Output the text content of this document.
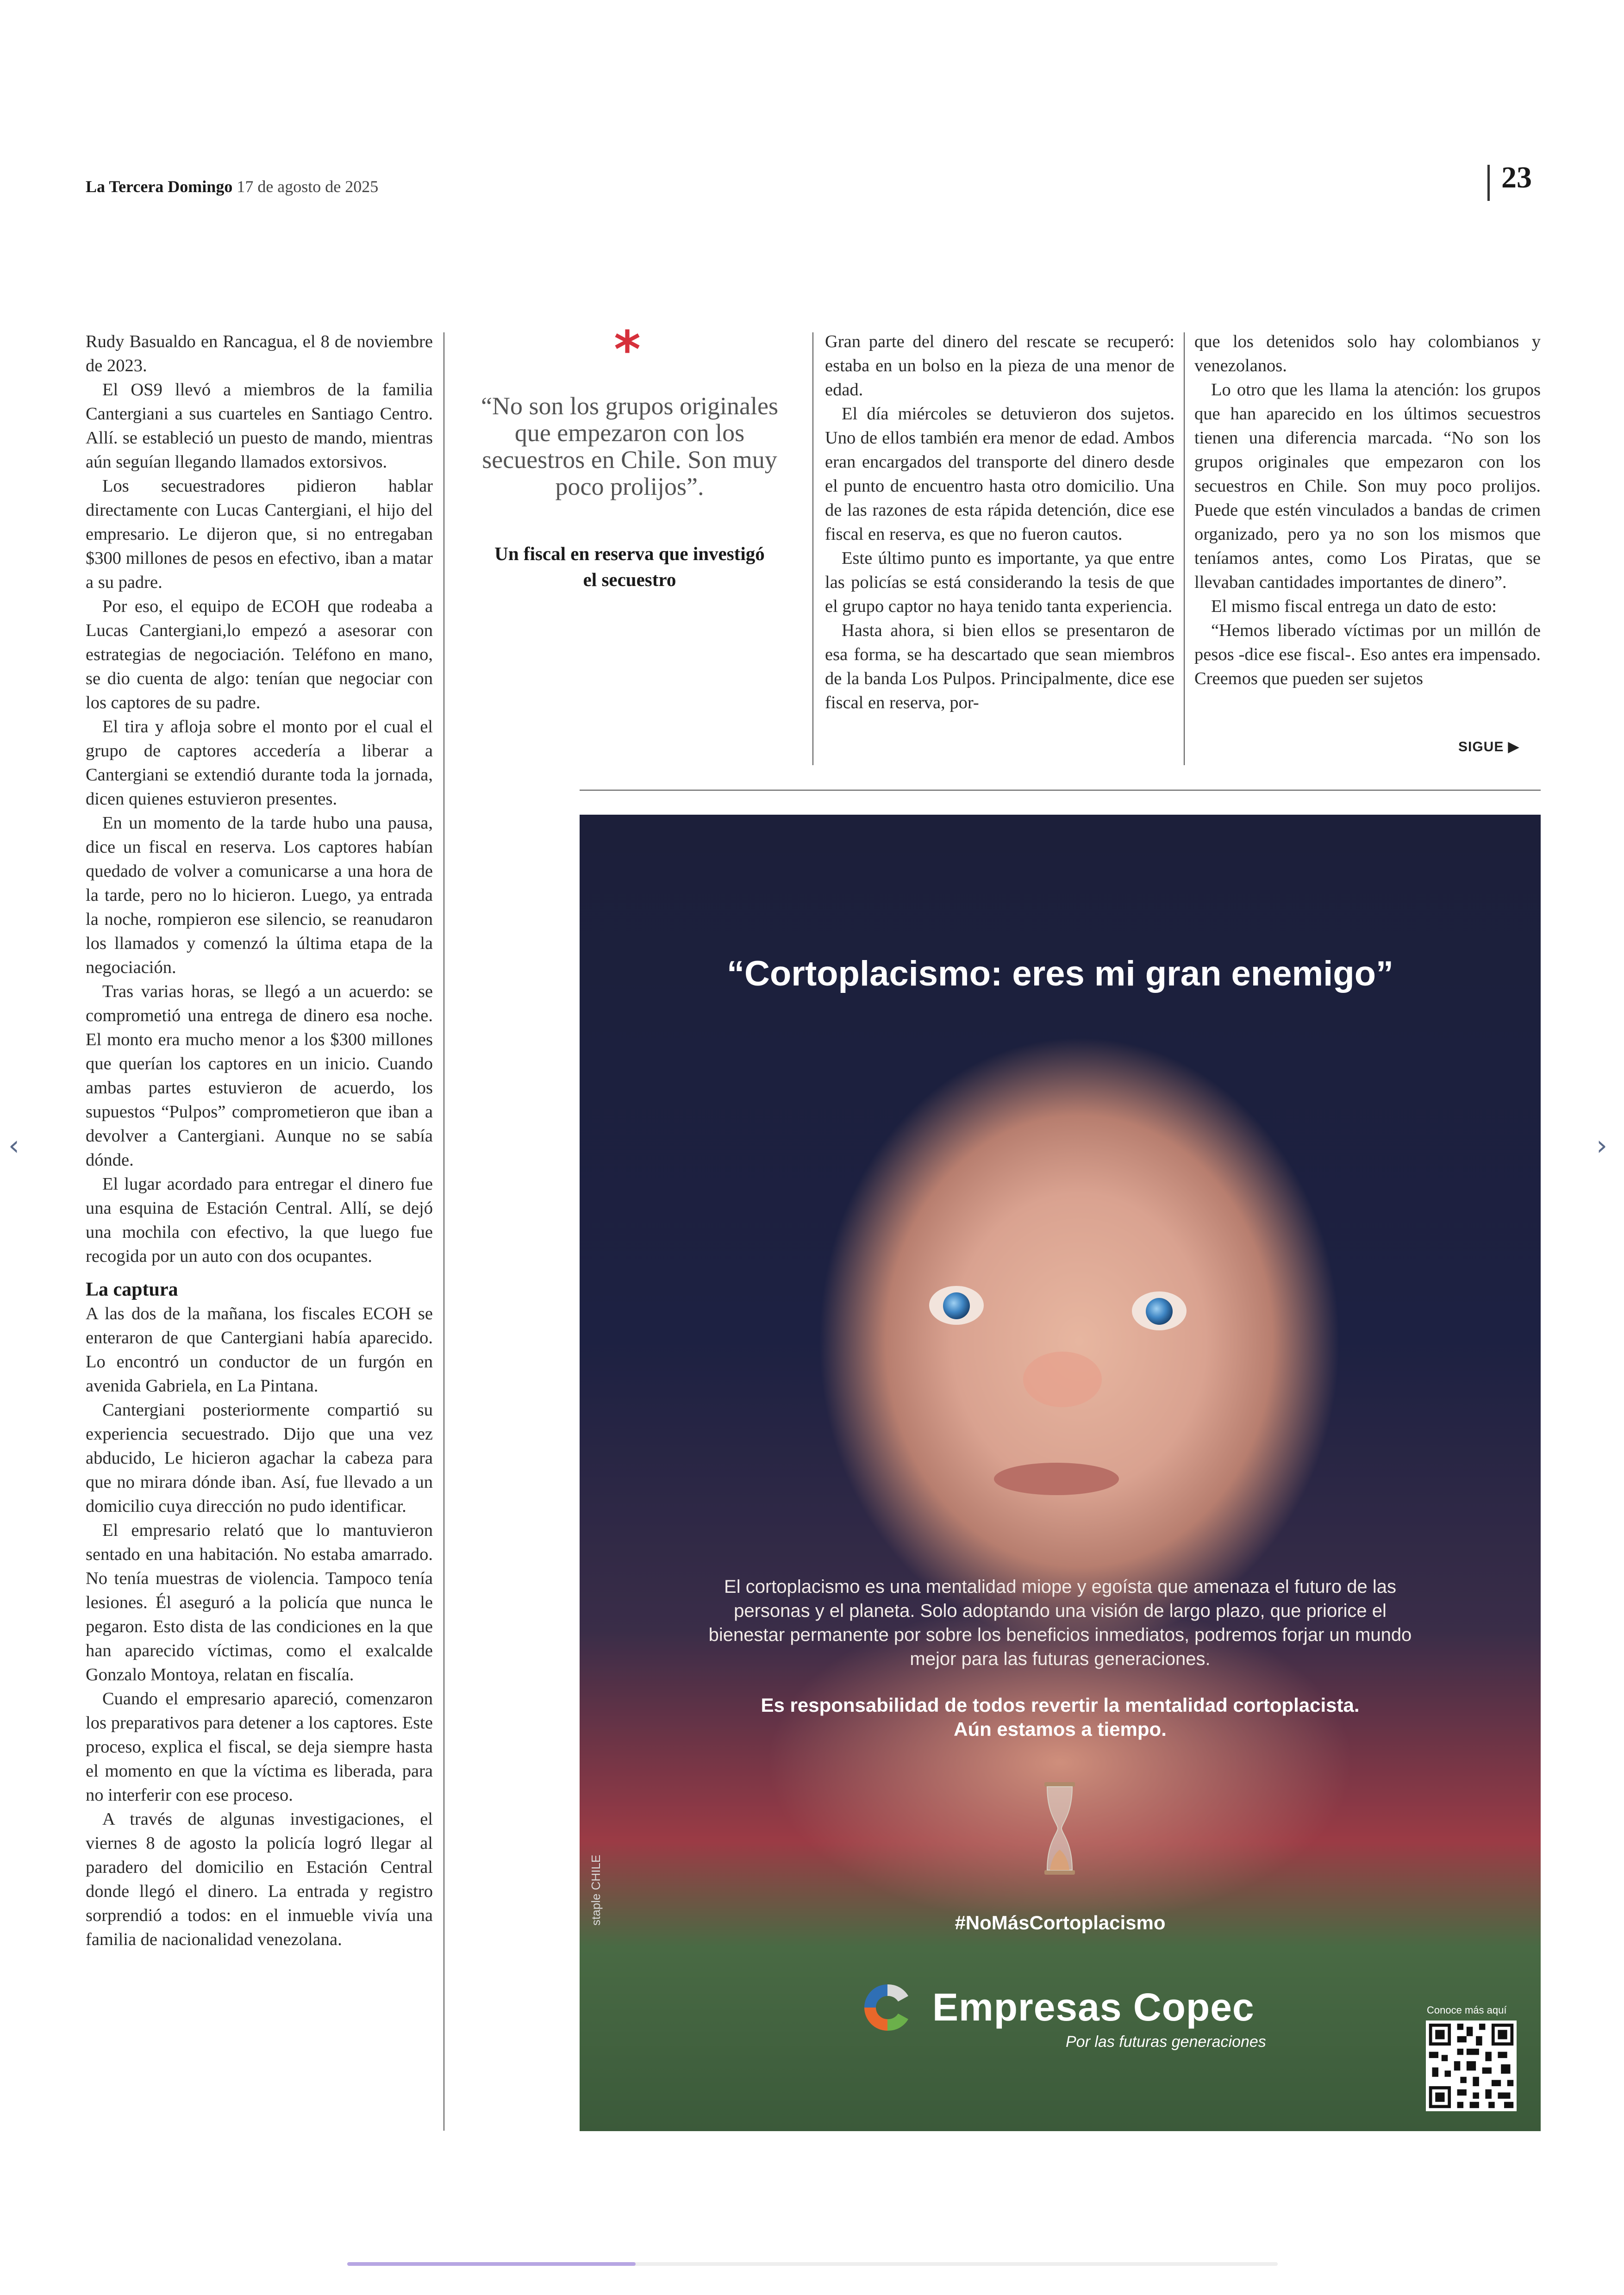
La Tercera Domingo 17 de agosto de 2025	23

Rudy Basualdo en Rancagua, el 8 de noviembre de 2023.

El OS9 llevó a miembros de la familia Cantergiani a sus cuarteles en Santiago Centro. Allí. se estableció un puesto de mando, mientras aún seguían llegando llamados extorsivos.

Los secuestradores pidieron hablar directamente con Lucas Cantergiani, el hijo del empresario. Le dijeron que, si no entregaban $300 millones de pesos en efectivo, iban a matar a su padre.

Por eso, el equipo de ECOH que rodeaba a Lucas Cantergiani,lo empezó a asesorar con estrategias de negociación. Teléfono en mano, se dio cuenta de algo: tenían que negociar con los captores de su padre.

El tira y afloja sobre el monto por el cual el grupo de captores accedería a liberar a Cantergiani se extendió durante toda la jornada, dicen quienes estuvieron presentes.

En un momento de la tarde hubo una pausa, dice un fiscal en reserva. Los captores habían quedado de volver a comunicarse a una hora de la tarde, pero no lo hicieron. Luego, ya entrada la noche, rompieron ese silencio, se reanudaron los llamados y comenzó la última etapa de la negociación.

Tras varias horas, se llegó a un acuerdo: se comprometió una entrega de dinero esa noche. El monto era mucho menor a los $300 millones que querían los captores en un inicio. Cuando ambas partes estuvieron de acuerdo, los supuestos “Pulpos” comprometieron que iban a devolver a Cantergiani. Aunque no se sabía dónde.

El lugar acordado para entregar el dinero fue una esquina de Estación Central. Allí, se dejó una mochila con efectivo, la que luego fue recogida por un auto con dos ocupantes.

La captura

A las dos de la mañana, los fiscales ECOH se enteraron de que Cantergiani había aparecido. Lo encontró un conductor de un furgón en avenida Gabriela, en La Pintana.

Cantergiani posteriormente compartió su experiencia secuestrado. Dijo que una vez abducido, Le hicieron agachar la cabeza para que no mirara dónde iban. Así, fue llevado a un domicilio cuya dirección no pudo identificar.

El empresario relató que lo mantuvieron sentado en una habitación. No estaba amarrado. No tenía muestras de violencia. Tampoco tenía lesiones. Él aseguró a la policía que nunca le pegaron. Esto dista de las condiciones en la que han aparecido víctimas, como el exalcalde Gonzalo Montoya, relatan en fiscalía.

Cuando el empresario apareció, comenzaron los preparativos para detener a los captores. Este proceso, explica el fiscal, se deja siempre hasta el momento en que la víctima es liberada, para no interferir con ese proceso.

A través de algunas investigaciones, el viernes 8 de agosto la policía logró llegar al paradero del domicilio en Estación Central donde llegó el dinero. La entrada y registro sorprendió a todos: en el inmueble vivía una familia de nacionalidad venezolana.

*
“No son los grupos originales que empezaron con los secuestros en Chile. Son muy poco prolijos”.
Un fiscal en reserva que investigó el secuestro

Gran parte del dinero del rescate se recuperó: estaba en un bolso en la pieza de una menor de edad.

El día miércoles se detuvieron dos sujetos. Uno de ellos también era menor de edad. Ambos eran encargados del transporte del dinero desde el punto de encuentro hasta otro domicilio. Una de las razones de esta rápida detención, dice ese fiscal en reserva, es que no fueron cautos.

Este último punto es importante, ya que entre las policías se está considerando la tesis de que el grupo captor no haya tenido tanta experiencia.

Hasta ahora, si bien ellos se presentaron de esa forma, se ha descartado que sean miembros de la banda Los Pulpos. Principalmente, dice ese fiscal en reserva, por-

que los detenidos solo hay colombianos y venezolanos.

Lo otro que les llama la atención: los grupos que han aparecido en los últimos secuestros tienen una diferencia marcada. “No son los grupos originales que empezaron con los secuestros en Chile. Son muy poco prolijos. Puede que estén vinculados a bandas de crimen organizado, pero ya no son los mismos que teníamos antes, como Los Piratas, que se llevaban cantidades importantes de dinero”.

El mismo fiscal entrega un dato de esto:

“Hemos liberado víctimas por un millón de pesos -dice ese fiscal-. Eso antes era impensado. Creemos que pueden ser sujetos

SIGUE ▶
“Cortoplacismo: eres mi gran enemigo”
El cortoplacismo es una mentalidad miope y egoísta que amenaza el futuro de las personas y el planeta. Solo adoptando una visión de largo plazo, que priorice el bienestar permanente por sobre los beneficios inmediatos, podremos forjar un mundo mejor para las futuras generaciones.
Es responsabilidad de todos revertir la mentalidad cortoplacista.
Aún estamos a tiempo.
#NoMásCortoplacismo
staple CHILE
Empresas Copec
Por las futuras generaciones
Conoce más aquí
‹	›
